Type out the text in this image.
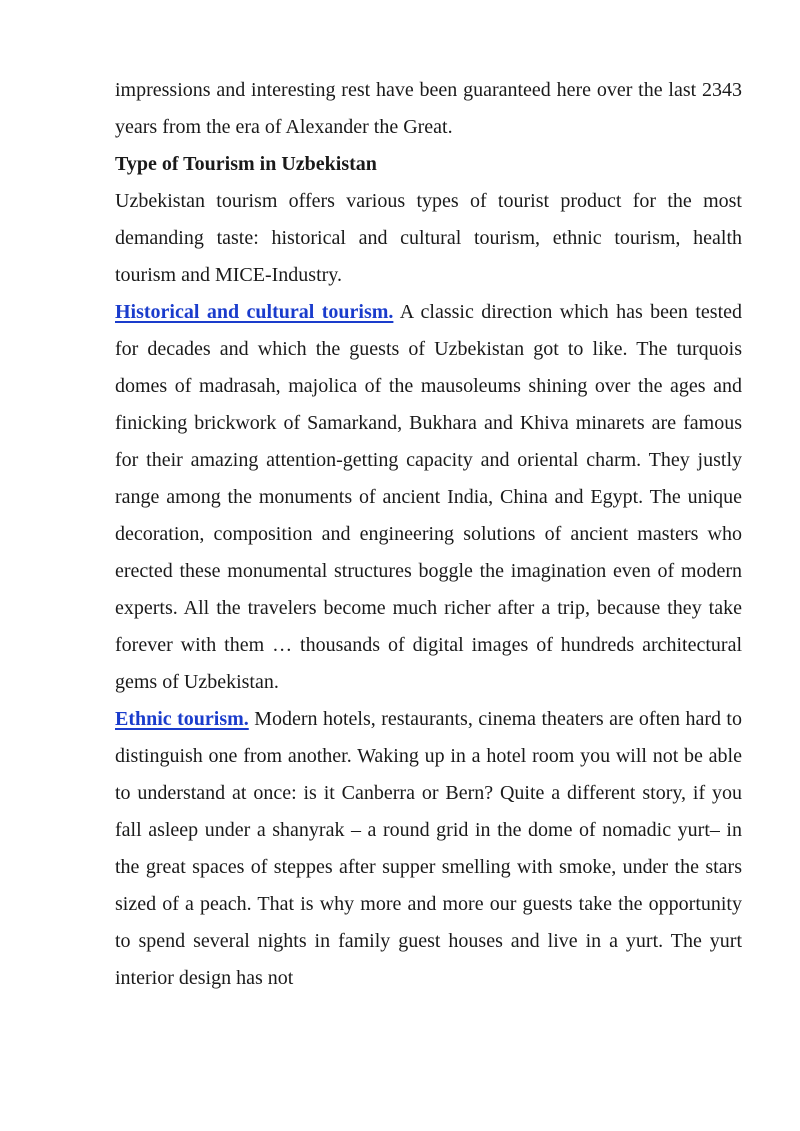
impressions and interesting rest have been guaranteed here over the last 2343 years from the era of Alexander the Great.

Type of Tourism in Uzbekistan

Uzbekistan tourism offers various types of tourist product for the most demanding taste: historical and cultural tourism, ethnic tourism, health tourism and MICE-Industry.

Historical and cultural tourism. A classic direction which has been tested for decades and which the guests of Uzbekistan got to like. The turquois domes of madrasah, majolica of the mausoleums shining over the ages and finicking brickwork of Samarkand, Bukhara and Khiva minarets are famous for their amazing attention-getting capacity and oriental charm. They justly range among the monuments of ancient India, China and Egypt. The unique decoration, composition and engineering solutions of ancient masters who erected these monumental structures boggle the imagination even of modern experts. All the travelers become much richer after a trip, because they take forever with them … thousands of digital images of hundreds architectural gems of Uzbekistan.

Ethnic tourism. Modern hotels, restaurants, cinema theaters are often hard to distinguish one from another. Waking up in a hotel room you will not be able to understand at once: is it Canberra or Bern? Quite a different story, if you fall asleep under a shanyrak – a round grid in the dome of nomadic yurt– in the great spaces of steppes after supper smelling with smoke, under the stars sized of a peach. That is why more and more our guests take the opportunity to spend several nights in family guest houses and live in a yurt. The yurt interior design has not
